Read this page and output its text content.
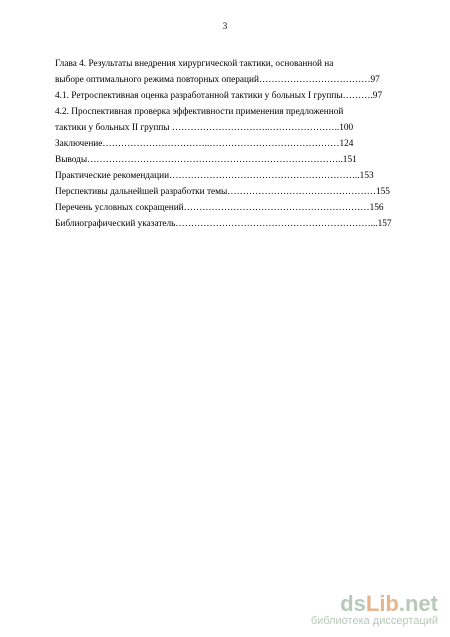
3
Глава 4. Результаты внедрения хирургической тактики, основанной на
выборе оптимального режима повторных операций………………………………97
4.1. Ретроспективная оценка разработанной тактики у больных I группы……….97
4.2. Проспективная проверка эффективности применения предложенной
тактики у больных II группы …………………………..…………………..100
Заключение……………………………..……………………………………124
Выводы………………………………………………………………………..151
Практические рекомендации……………………………………………………..153
Перспективы дальнейшей разработки темы…………………………………………155
Перечень условных сокращений……………………………………………………156
Библиографический указатель………………………………………………………...157
dsLib.net
библиотека диссертаций
